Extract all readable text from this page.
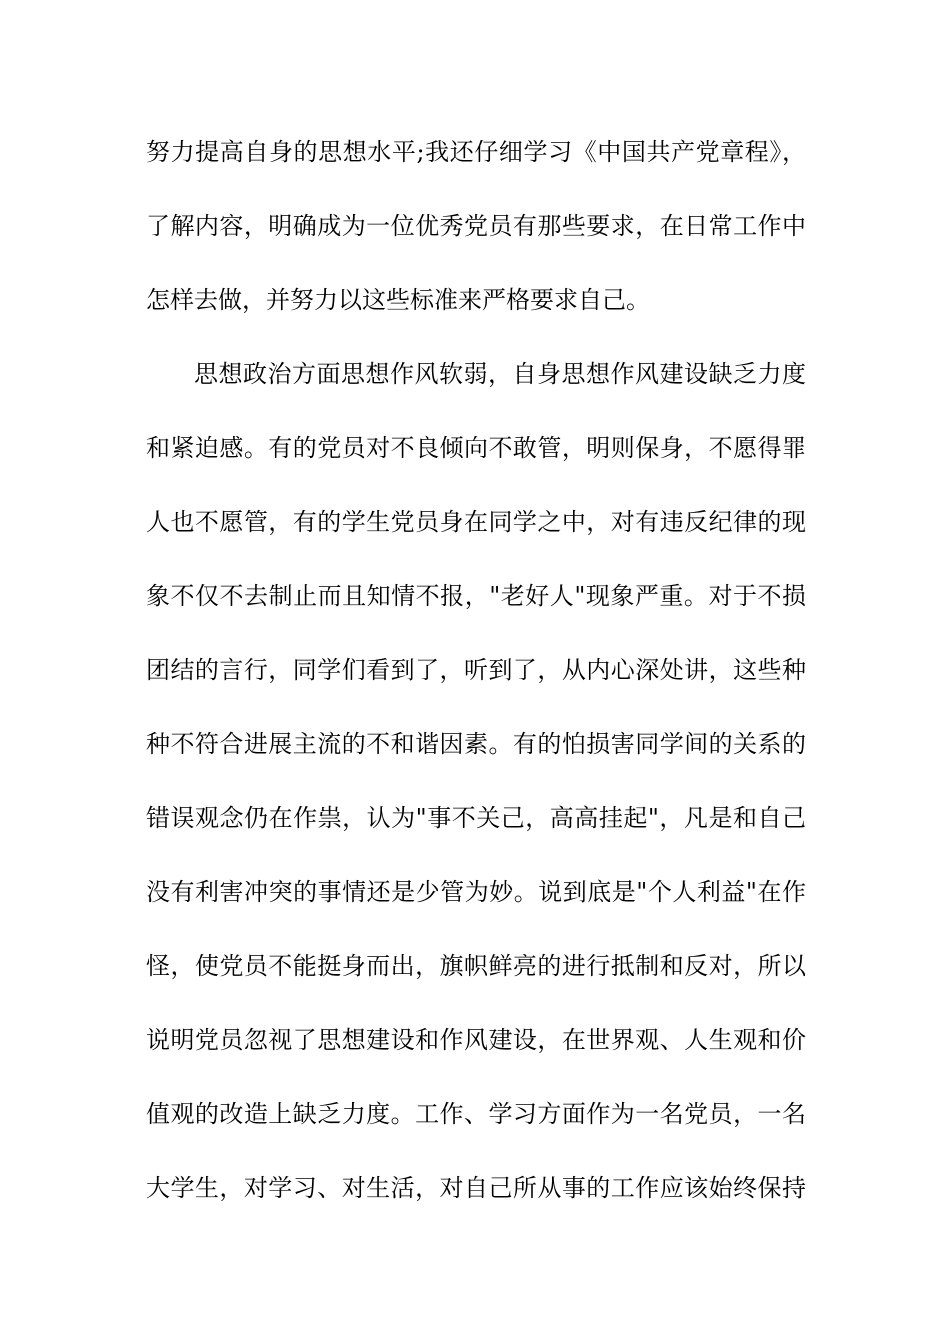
努力提高自身的思想水平;我还仔细学习《中国共产党章程》，
了解内容，明确成为一位优秀党员有那些要求，在日常工作中
怎样去做，并努力以这些标准来严格要求自己。
思想政治方面思想作风软弱，自身思想作风建设缺乏力度
和紧迫感。有的党员对不良倾向不敢管，明则保身，不愿得罪
人也不愿管，有的学生党员身在同学之中，对有违反纪律的现
象不仅不去制止而且知情不报，"老好人"现象严重。对于不损
团结的言行，同学们看到了，听到了，从内心深处讲，这些种
种不符合进展主流的不和谐因素。有的怕损害同学间的关系的
错误观念仍在作祟，认为"事不关己，高高挂起"，凡是和自己
没有利害冲突的事情还是少管为妙。说到底是"个人利益"在作
怪，使党员不能挺身而出，旗帜鲜亮的进行抵制和反对，所以
说明党员忽视了思想建设和作风建设，在世界观、人生观和价
值观的改造上缺乏力度。工作、学习方面作为一名党员，一名
大学生，对学习、对生活，对自己所从事的工作应该始终保持
